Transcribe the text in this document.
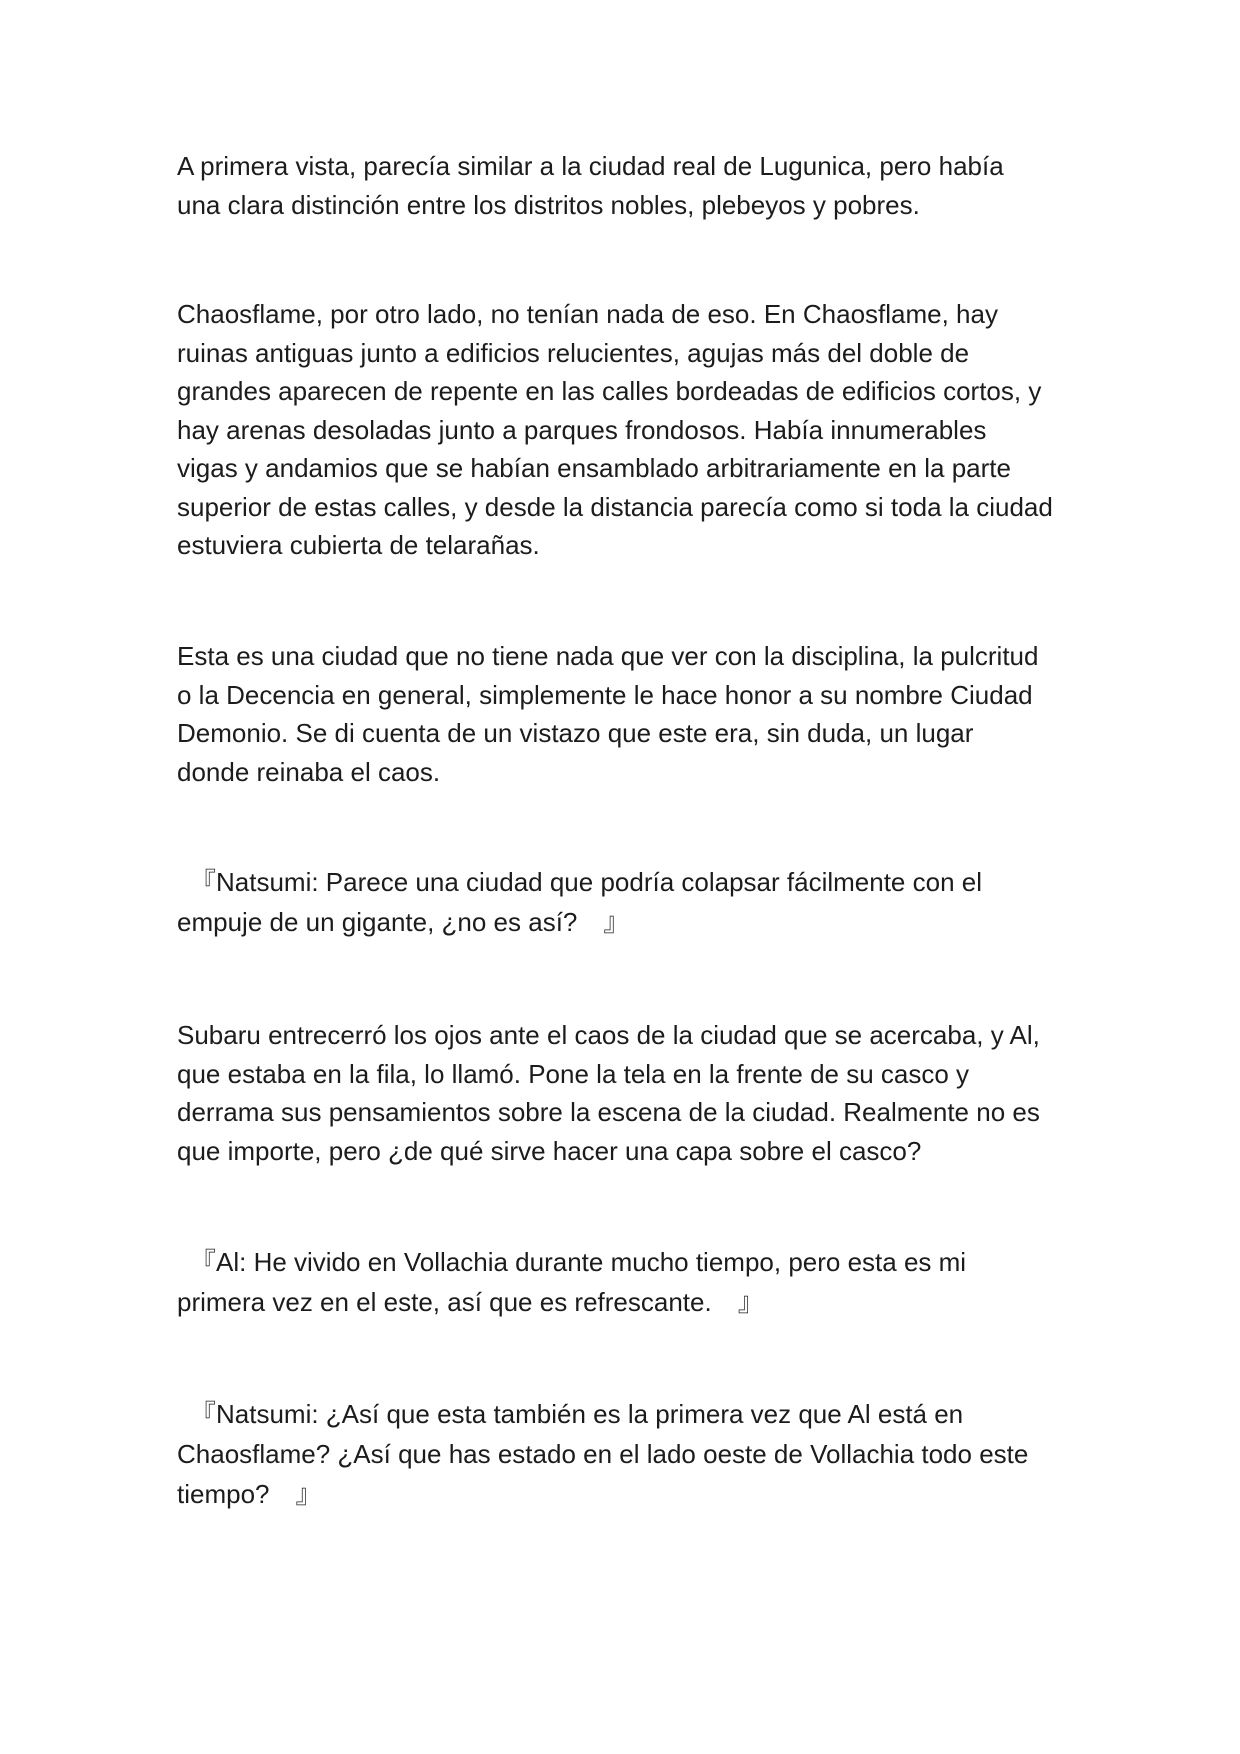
A primera vista, parecía similar a la ciudad real de Lugunica, pero había
una clara distinción entre los distritos nobles, plebeyos y pobres.

Chaosflame, por otro lado, no tenían nada de eso. En Chaosflame, hay
ruinas antiguas junto a edificios relucientes, agujas más del doble de
grandes aparecen de repente en las calles bordeadas de edificios cortos, y
hay arenas desoladas junto a parques frondosos. Había innumerables
vigas y andamios que se habían ensamblado arbitrariamente en la parte
superior de estas calles, y desde la distancia parecía como si toda la ciudad
estuviera cubierta de telarañas.

Esta es una ciudad que no tiene nada que ver con la disciplina, la pulcritud
o la Decencia en general, simplemente le hace honor a su nombre Ciudad
Demonio. Se di cuenta de un vistazo que este era, sin duda, un lugar
donde reinaba el caos.

　『Natsumi: Parece una ciudad que podría colapsar fácilmente con el
empuje de un gigante, ¿no es así?　』

Subaru entrecerró los ojos ante el caos de la ciudad que se acercaba, y Al,
que estaba en la fila, lo llamó. Pone la tela en la frente de su casco y
derrama sus pensamientos sobre la escena de la ciudad. Realmente no es
que importe, pero ¿de qué sirve hacer una capa sobre el casco?

　『Al: He vivido en Vollachia durante mucho tiempo, pero esta es mi
primera vez en el este, así que es refrescante.　』

　『Natsumi: ¿Así que esta también es la primera vez que Al está en
Chaosflame? ¿Así que has estado en el lado oeste de Vollachia todo este
tiempo?　』
